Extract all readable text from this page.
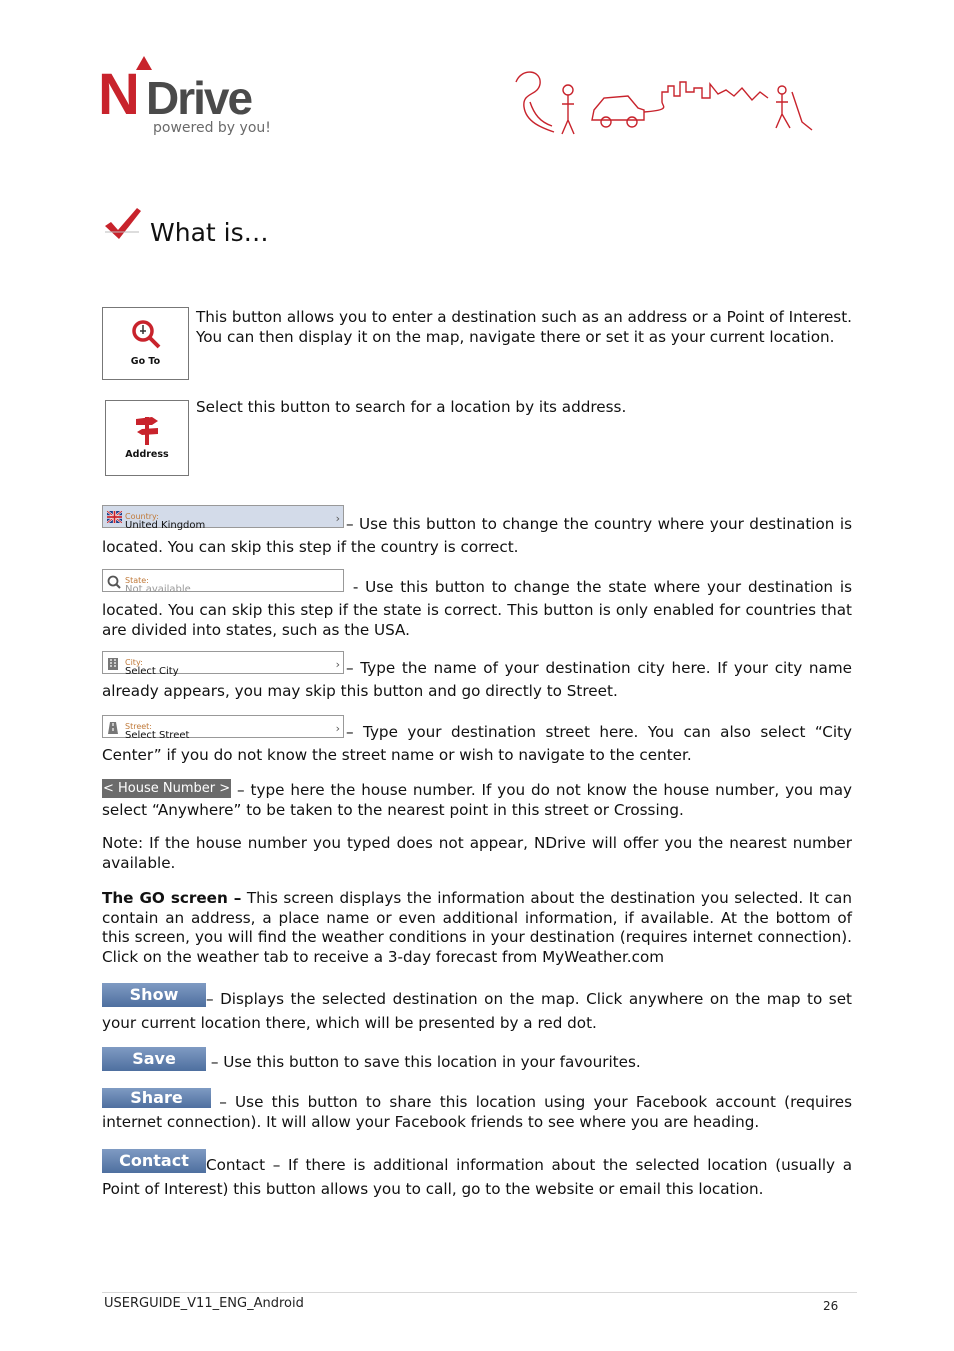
N Drive
powered by you!
What is…
Go To
This button allows you to enter a destination such as an address or a Point of Interest. You can then display it on the map, navigate there or set it as your current location.
Address
Select this button to search for a location by its address.
Country:
United Kingdom
› – Use this button to change the country where your destination is located. You can skip this step if the country is correct.
State:
Not available	- Use this button to change the state where your destination is located. You can skip this step if the state is correct. This button is only enabled for countries that are divided into states, such as the USA.
City:
Select City
› – Type the name of your destination city here. If your city name already appears, you may skip this button and go directly to Street.
Street:
Select Street
› – Type your destination street here. You can also select “City Center” if you do not know the street name or wish to navigate to the center.
< House Number > – type here the house number. If you do not know the house number, you may select “Anywhere” to be taken to the nearest point in this street or Crossing.
Note: If the house number you typed does not appear, NDrive will offer you the nearest number available.
The GO screen – This screen displays the information about the destination you selected. It can contain an address, a place name or even additional information, if available. At the bottom of this screen, you will find the weather conditions in your destination (requires internet connection). Click on the weather tab to receive a 3-day forecast from MyWeather.com
Show – Displays the selected destination on the map. Click anywhere on the map to set your current location there, which will be presented by a red dot.
Save – Use this button to save this location in your favourites.
Share – Use this button to share this location using your Facebook account (requires internet connection). It will allow your Facebook friends to see where you are heading.
Contact Contact – If there is additional information about the selected location (usually a Point of Interest) this button allows you to call, go to the website or email this location.
USERGUIDE_V11_ENG_Android	26
